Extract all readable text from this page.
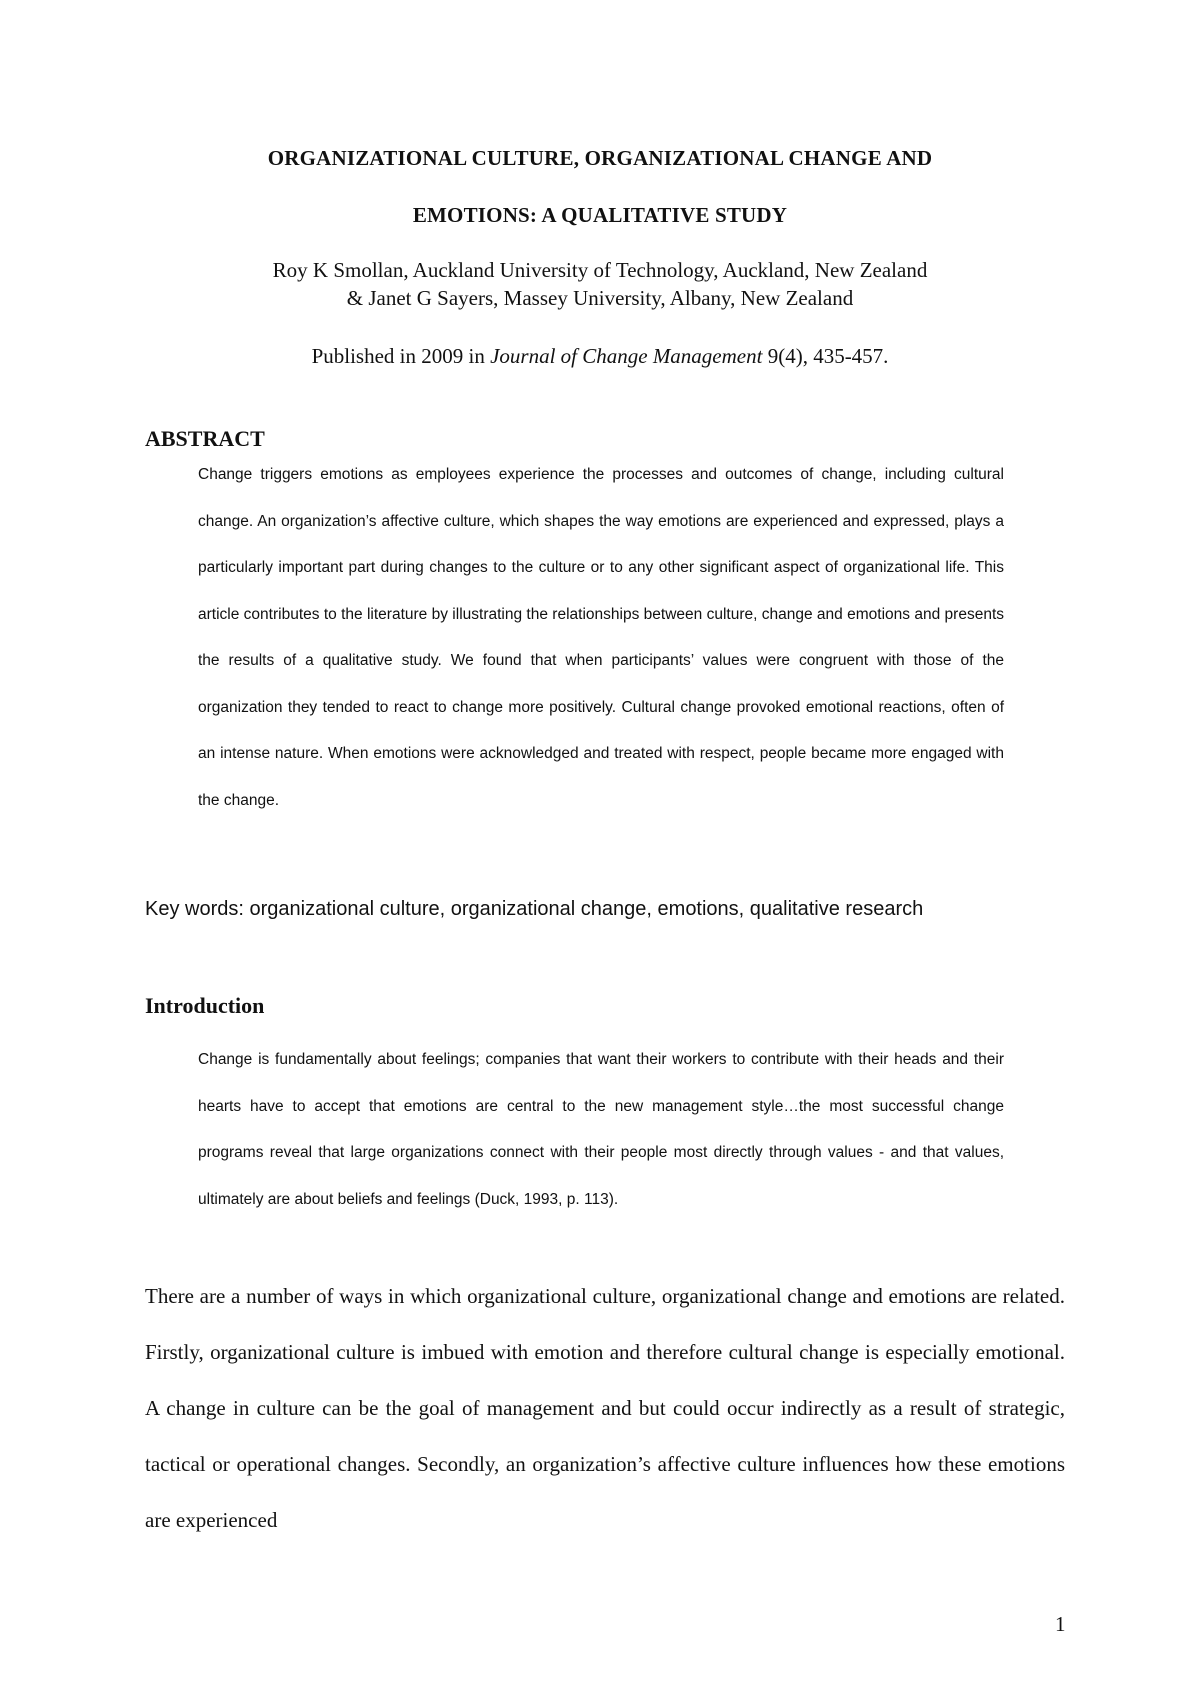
ORGANIZATIONAL CULTURE, ORGANIZATIONAL CHANGE AND
EMOTIONS: A QUALITATIVE STUDY
Roy K Smollan, Auckland University of Technology, Auckland, New Zealand
& Janet G Sayers, Massey University, Albany, New Zealand
Published in 2009 in Journal of Change Management 9(4), 435-457.
ABSTRACT
Change triggers emotions as employees experience the processes and outcomes of change, including cultural change. An organization’s affective culture, which shapes the way emotions are experienced and expressed, plays a particularly important part during changes to the culture or to any other significant aspect of organizational life. This article contributes to the literature by illustrating the relationships between culture, change and emotions and presents the results of a qualitative study. We found that when participants’ values were congruent with those of the organization they tended to react to change more positively. Cultural change provoked emotional reactions, often of an intense nature. When emotions were acknowledged and treated with respect, people became more engaged with the change.
Key words: organizational culture, organizational change, emotions, qualitative research
Introduction
Change is fundamentally about feelings; companies that want their workers to contribute with their heads and their hearts have to accept that emotions are central to the new management style…the most successful change programs reveal that large organizations connect with their people most directly through values - and that values, ultimately are about beliefs and feelings (Duck, 1993, p. 113).
There are a number of ways in which organizational culture, organizational change and emotions are related. Firstly, organizational culture is imbued with emotion and therefore cultural change is especially emotional. A change in culture can be the goal of management and but could occur indirectly as a result of strategic, tactical or operational changes. Secondly, an organization’s affective culture influences how these emotions are experienced
1
